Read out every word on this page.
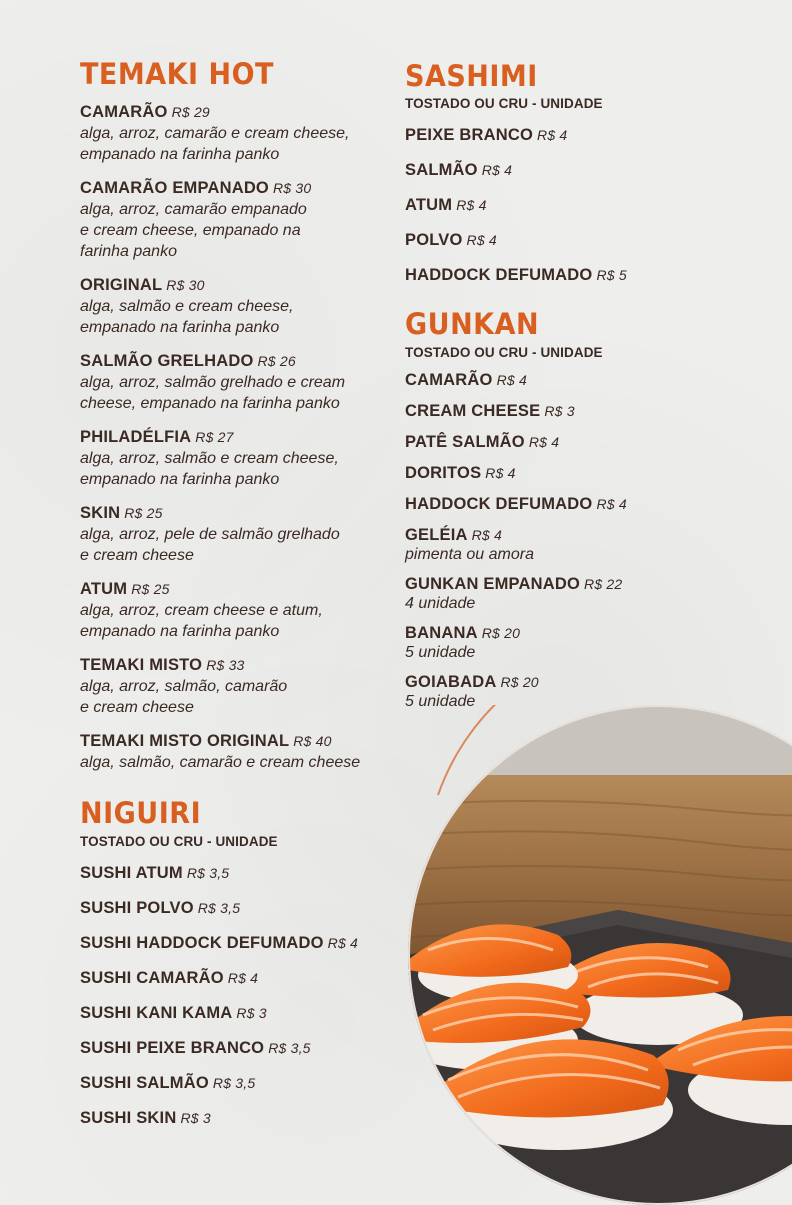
TEMAKI HOT
CAMARÃO R$ 29
alga, arroz, camarão e cream cheese,
empanado na farinha panko
CAMARÃO EMPANADO R$ 30
alga, arroz, camarão empanado
e cream cheese, empanado na
farinha panko
ORIGINAL R$ 30
alga, salmão e cream cheese,
empanado na farinha panko
SALMÃO GRELHADO R$ 26
alga, arroz, salmão grelhado e cream
cheese, empanado na farinha panko
PHILADÉLFIA R$ 27
alga, arroz, salmão e cream cheese,
empanado na farinha panko
SKIN R$ 25
alga, arroz, pele de salmão grelhado
e cream cheese
ATUM R$ 25
alga, arroz, cream cheese e atum,
empanado na farinha panko
TEMAKI MISTO R$ 33
alga, arroz, salmão, camarão
e cream cheese
TEMAKI MISTO ORIGINAL R$ 40
alga, salmão, camarão e cream cheese
NIGUIRI
TOSTADO OU CRU - UNIDADE
SUSHI ATUM R$ 3,5
SUSHI POLVO R$ 3,5
SUSHI HADDOCK DEFUMADO R$ 4
SUSHI CAMARÃO R$ 4
SUSHI KANI KAMA R$ 3
SUSHI PEIXE BRANCO R$ 3,5
SUSHI SALMÃO R$ 3,5
SUSHI SKIN R$ 3
SASHIMI
TOSTADO OU CRU - UNIDADE
PEIXE BRANCO R$ 4
SALMÃO R$ 4
ATUM R$ 4
POLVO R$ 4
HADDOCK DEFUMADO R$ 5
GUNKAN
TOSTADO OU CRU - UNIDADE
CAMARÃO R$ 4
CREAM CHEESE R$ 3
PATÊ SALMÃO R$ 4
DORITOS R$ 4
HADDOCK DEFUMADO R$ 4
GELÉIA R$ 4
pimenta ou amora
GUNKAN EMPANADO R$ 22
4 unidade
BANANA R$ 20
5 unidade
GOIABADA R$ 20
5 unidade
